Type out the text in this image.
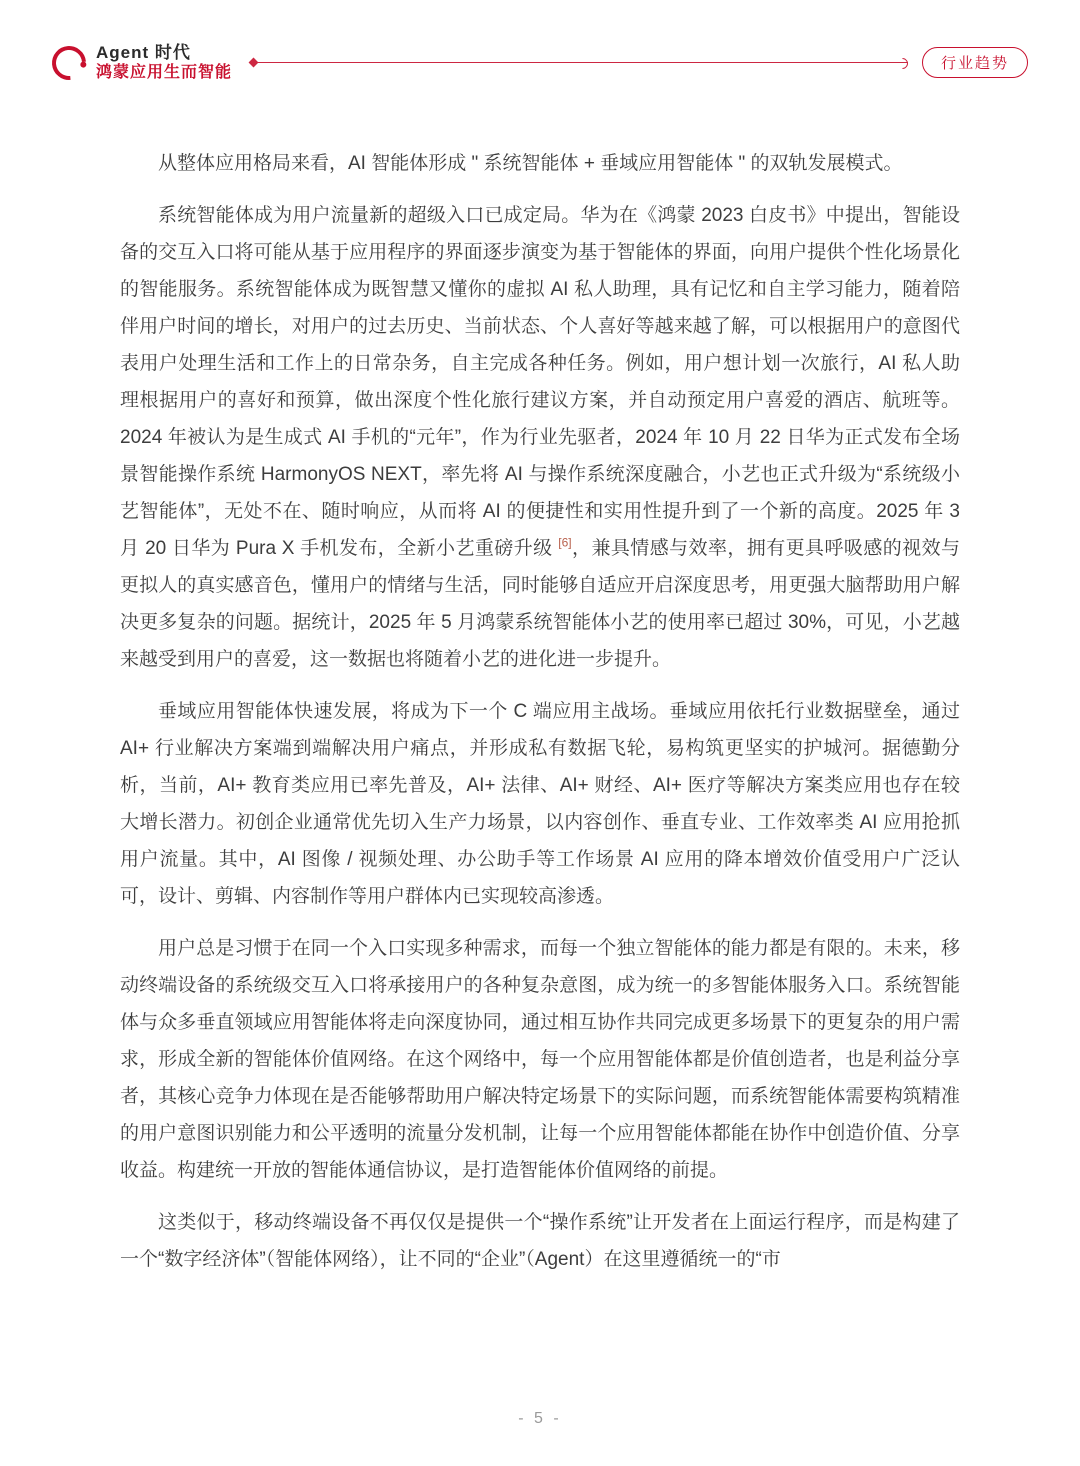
Agent 时代
鸿蒙应用生而智能
行业趋势

从整体应用格局来看，AI 智能体形成 " 系统智能体 + 垂域应用智能体 " 的双轨发展模式。

系统智能体成为用户流量新的超级入口已成定局。华为在《鸿蒙 2023 白皮书》中提出，智能设备的交互入口将可能从基于应用程序的界面逐步演变为基于智能体的界面，向用户提供个性化场景化的智能服务。系统智能体成为既智慧又懂你的虚拟 AI 私人助理，具有记忆和自主学习能力，随着陪伴用户时间的增长，对用户的过去历史、当前状态、个人喜好等越来越了解，可以根据用户的意图代表用户处理生活和工作上的日常杂务，自主完成各种任务。例如，用户想计划一次旅行，AI 私人助理根据用户的喜好和预算，做出深度个性化旅行建议方案，并自动预定用户喜爱的酒店、航班等。2024 年被认为是生成式 AI 手机的“元年”，作为行业先驱者，2024 年 10 月 22 日华为正式发布全场景智能操作系统 HarmonyOS NEXT，率先将 AI 与操作系统深度融合，小艺也正式升级为“系统级小艺智能体”，无处不在、随时响应，从而将 AI 的便捷性和实用性提升到了一个新的高度。2025 年 3 月 20 日华为 Pura X 手机发布，全新小艺重磅升级 [6]，兼具情感与效率，拥有更具呼吸感的视效与更拟人的真实感音色，懂用户的情绪与生活，同时能够自适应开启深度思考，用更强大脑帮助用户解决更多复杂的问题。据统计，2025 年 5 月鸿蒙系统智能体小艺的使用率已超过 30%，可见，小艺越来越受到用户的喜爱，这一数据也将随着小艺的进化进一步提升。

垂域应用智能体快速发展，将成为下一个 C 端应用主战场。垂域应用依托行业数据壁垒，通过 AI+ 行业解决方案端到端解决用户痛点，并形成私有数据飞轮，易构筑更坚实的护城河。据德勤分析，当前，AI+ 教育类应用已率先普及，AI+ 法律、AI+ 财经、AI+ 医疗等解决方案类应用也存在较大增长潜力。初创企业通常优先切入生产力场景，以内容创作、垂直专业、工作效率类 AI 应用抢抓用户流量。其中，AI 图像 / 视频处理、办公助手等工作场景 AI 应用的降本增效价值受用户广泛认可，设计、剪辑、内容制作等用户群体内已实现较高渗透。

用户总是习惯于在同一个入口实现多种需求，而每一个独立智能体的能力都是有限的。未来，移动终端设备的系统级交互入口将承接用户的各种复杂意图，成为统一的多智能体服务入口。系统智能体与众多垂直领域应用智能体将走向深度协同，通过相互协作共同完成更多场景下的更复杂的用户需求，形成全新的智能体价值网络。在这个网络中，每一个应用智能体都是价值创造者，也是利益分享者，其核心竞争力体现在是否能够帮助用户解决特定场景下的实际问题，而系统智能体需要构筑精准的用户意图识别能力和公平透明的流量分发机制，让每一个应用智能体都能在协作中创造价值、分享收益。构建统一开放的智能体通信协议，是打造智能体价值网络的前提。

这类似于，移动终端设备不再仅仅是提供一个“操作系统”让开发者在上面运行程序，而是构建了一个“数字经济体”（智能体网络），让不同的“企业”（Agent）在这里遵循统一的“市

- 5 -
